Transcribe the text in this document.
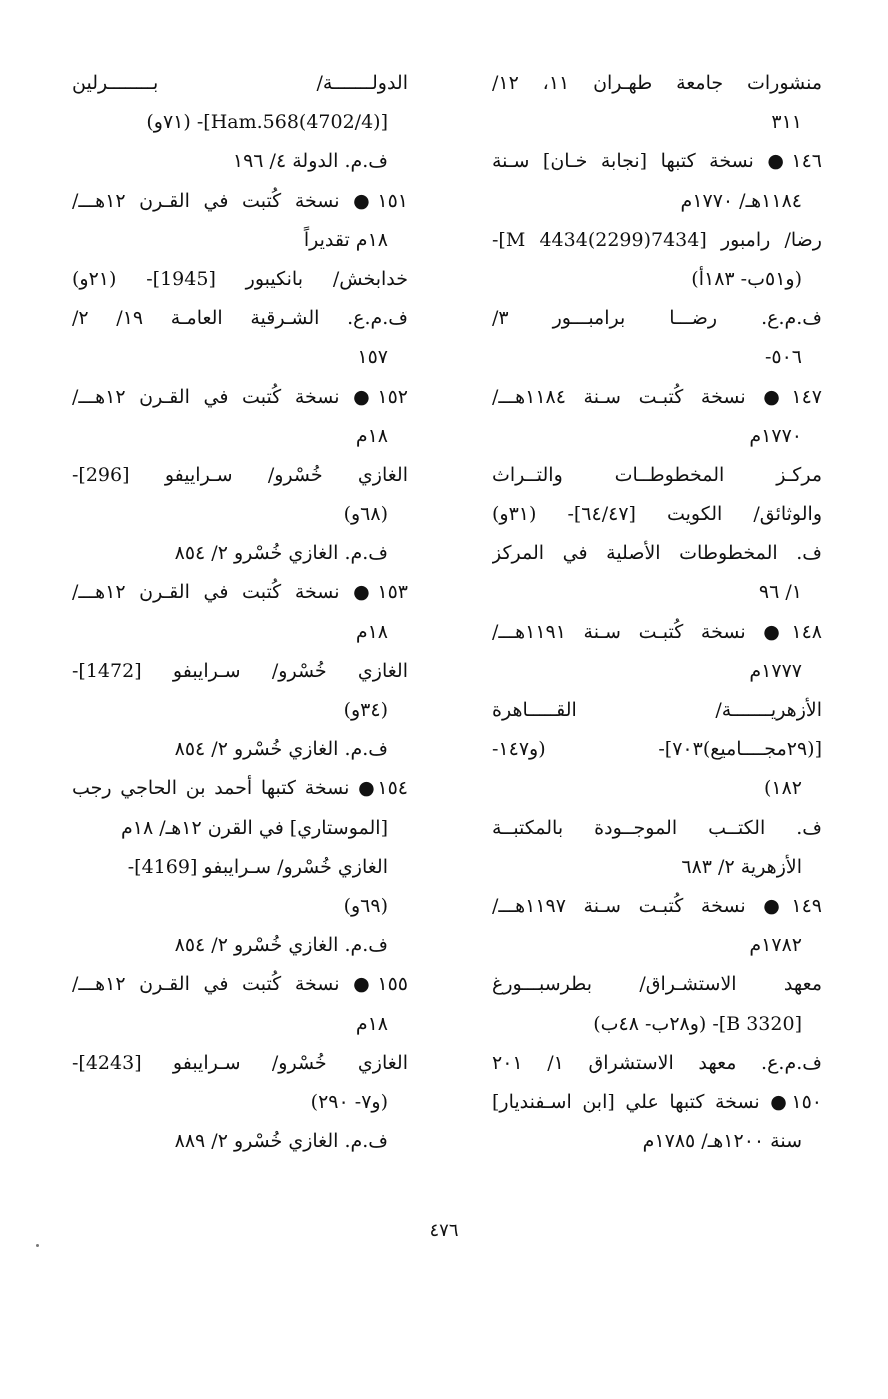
منشورات جامعة طهـران ١١، ١٢/
٣١١
١٤٦● نسخة كتبها [نجابة خـان] سـنة
١١٨٤هـ/ ١٧٧٠م
رضا/ رامبور [M 4434(2299)7434]-
(و٥١ب- ١٨٣أ)
ف.م.ع. رضـــا برامبـــور ٣/
٥٠٦-
١٤٧● نسخة كُتبـت سـنة ١١٨٤هـــ/
١٧٧٠م
مركـز المخطوطــات والتــراث
والوثائق/ الكويت [٦٤/٤٧]- (٣١و)
ف. المخطوطات الأصلية في المركز
١/ ٩٦
١٤٨● نسخة كُتبـت سـنة ١١٩١هـــ/
١٧٧٧م
الأزهريـــــــة/ القـــــاهرة
[(٢٩مجــــاميع)٧٠٣]- (و١٤٧-
١٨٢)
ف. الكتــب الموجــودة بالمكتبــة
الأزهرية ٢/ ٦٨٣
١٤٩● نسخة كُتبـت سـنة ١١٩٧هـــ/
١٧٨٢م
معهد الاستشـراق/ بطرسبـــورغ
[B 3320]- (و٢٨ب- ٤٨ب)
ف.م.ع. معهد الاستشراق ١/ ٢٠١
١٥٠● نسخة كتبها علي [ابن اسـفنديار]
سنة ١٢٠٠هـ/ ١٧٨٥م
الدولـــــــة/ بــــــــرلين
[Ham.568(4702/4)]- (٧١و)
ف.م. الدولة ٤/ ١٩٦
١٥١● نسخة كُتبت في القـرن ١٢هـــ/
١٨م تقديراً
خدابخش/ بانكيبور [1945]- (٢١و)
ف.م.ع. الشـرقية العامـة ١٩/ ٢/
١٥٧
١٥٢● نسخة كُتبت في القـرن ١٢هـــ/
١٨م
الغازي خُسْرو/ سـراييفو [296]-
(٦٨و)
ف.م. الغازي خُسْرو ٢/ ٨٥٤
١٥٣● نسخة كُتبت في القـرن ١٢هـــ/
١٨م
الغازي خُسْرو/ سـرايبفو [1472]-
(٣٤و)
ف.م. الغازي خُسْرو ٢/ ٨٥٤
١٥٤● نسخة كتبها أحمد بن الحاجي رجب
[الموستاري] في القرن ١٢هـ/ ١٨م
الغازي خُسْرو/ سـرايبفو [4169]-
(٦٩و)
ف.م. الغازي خُسْرو ٢/ ٨٥٤
١٥٥● نسخة كُتبت في القـرن ١٢هـــ/
١٨م
الغازي خُسْرو/ سـرايبفو [4243]-
(و٧- ٢٩٠)
ف.م. الغازي خُسْرو ٢/ ٨٨٩
٤٧٦
